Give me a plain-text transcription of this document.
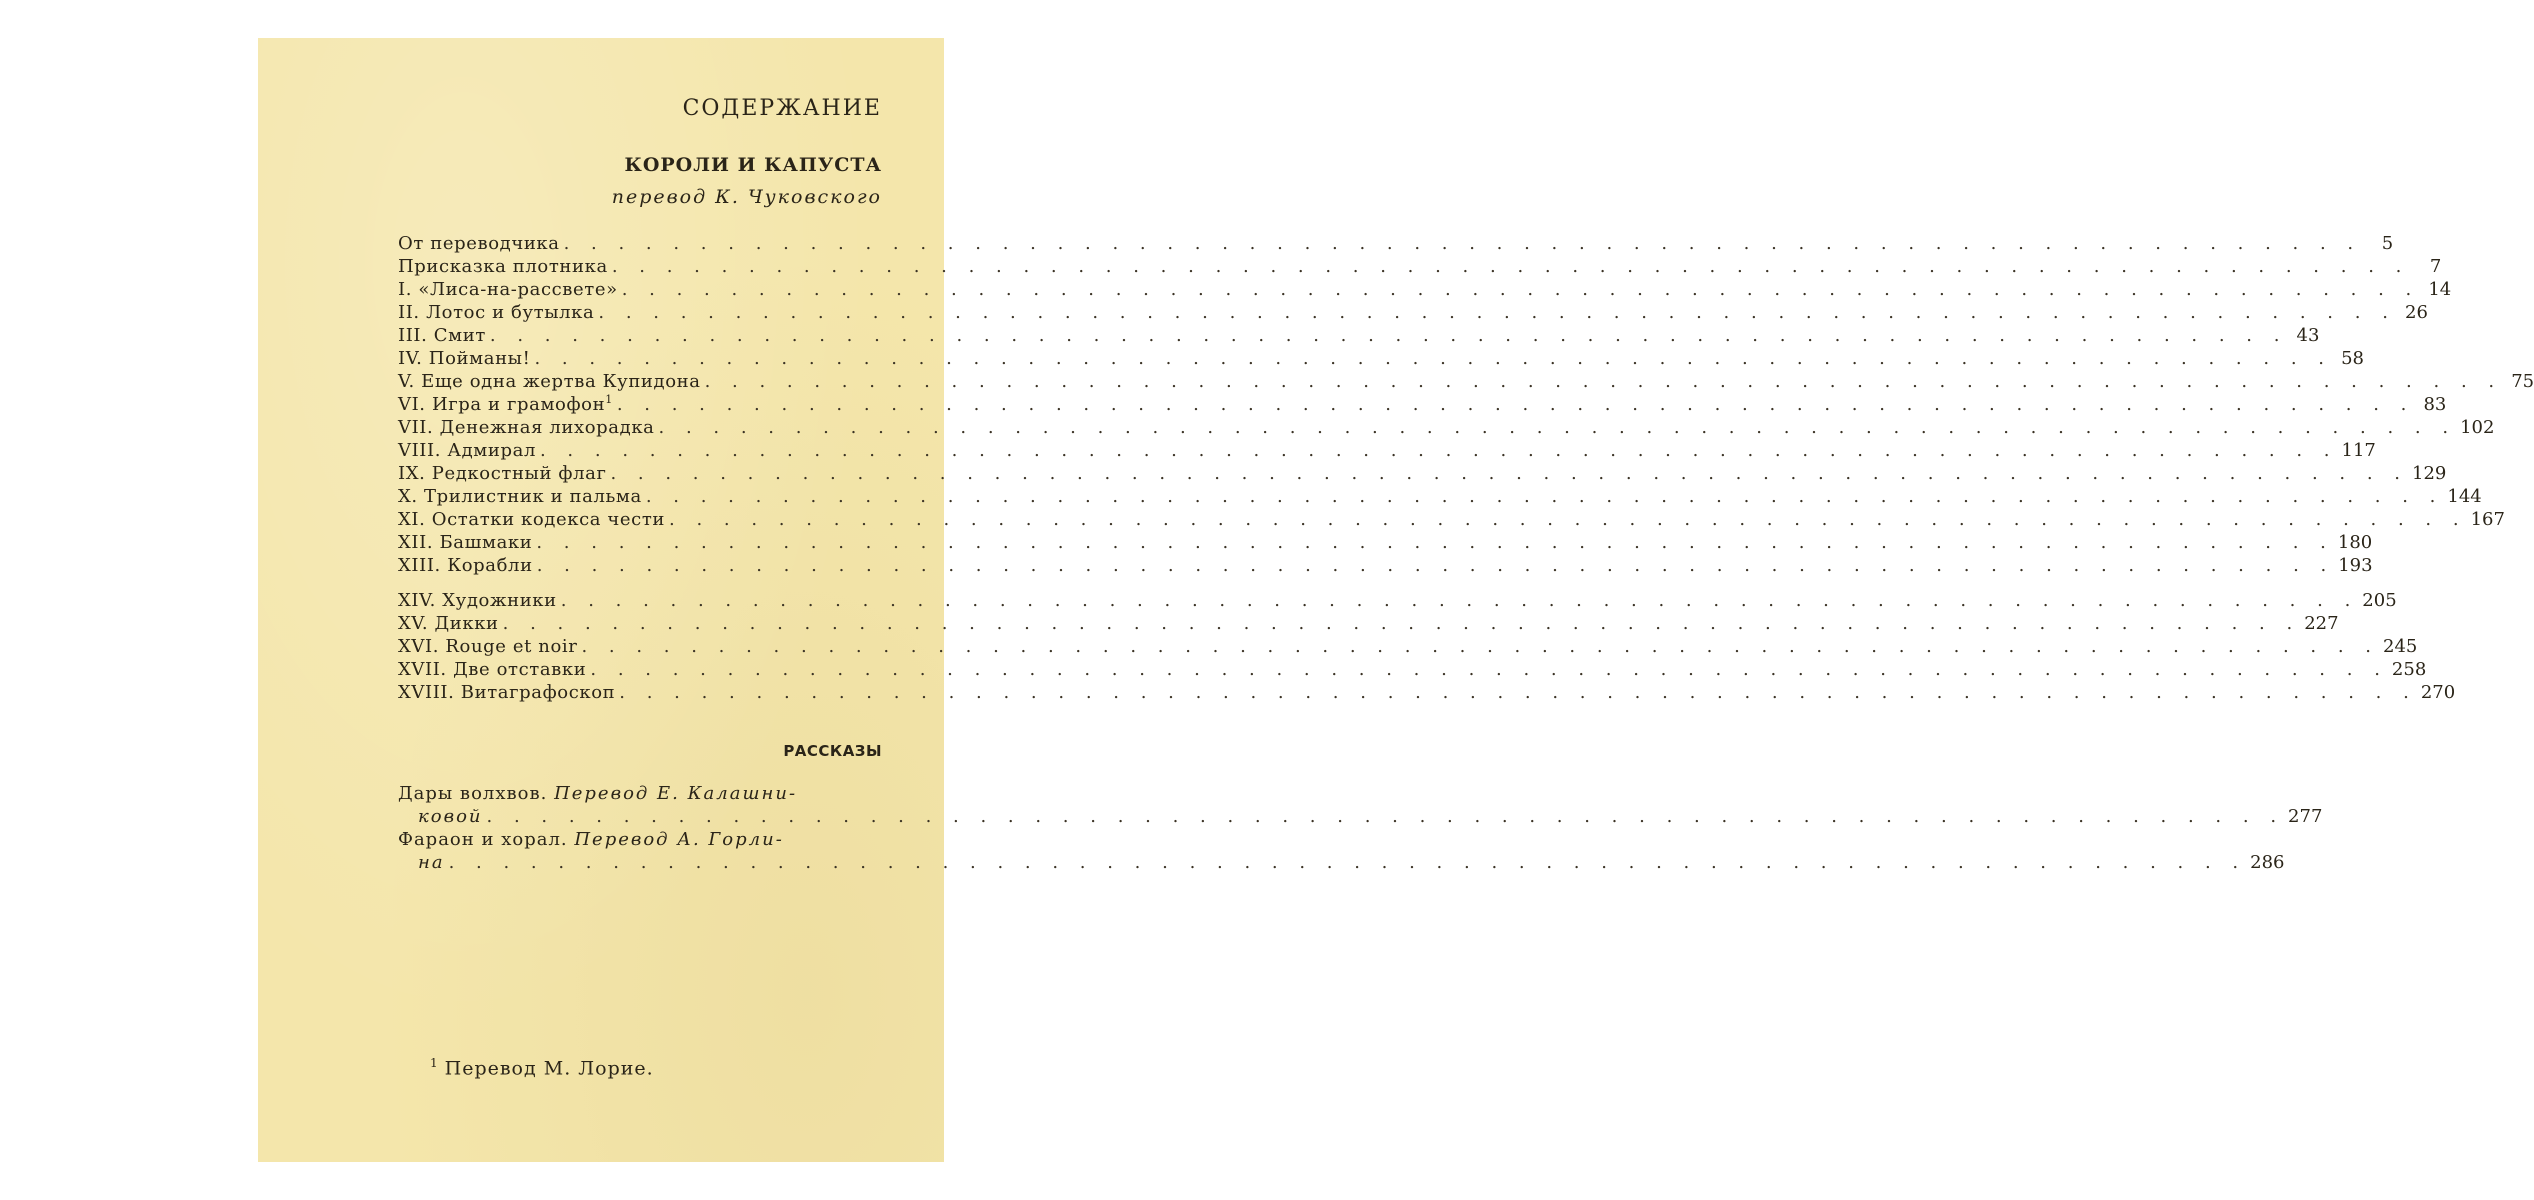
СОДЕРЖАНИЕ
КОРОЛИ И КАПУСТА
перевод К. Чуковского
От переводчика . . .	5
Присказка плотника . . .	7
I. «Лиса-на-рассвете» . . .	14
II. Лотос и бутылка . . .	26
III. Смит . . .	43
IV. Пойманы! . . .	58
V. Еще одна жертва Купидона . . .	75
VI. Игра и грамофон$^1$ . . .	83
VII. Денежная лихорадка . . .	102
VIII. Адмирал . . .	117
IX. Редкостный флаг . . .	129
X. Трилистник и пальма . . .	144
XI. Остатки кодекса чести . . .	167
XII. Башмаки . . .	180
XIII. Корабли . . .	193
XIV. Художники . . .	205
XV. Дикки . . .	227
XVI. Rouge et noir . . .	245
XVII. Две отставки . . .	258
XVIII. Витаграфоскоп . . .	270
РАССКАЗЫ
Дары волхвов. Перевод Е. Калашни-
ковой . . .	277
Фараон и хорал. Перевод А. Горли-
на . . .	286
$^1$ Перевод М. Лорие.
